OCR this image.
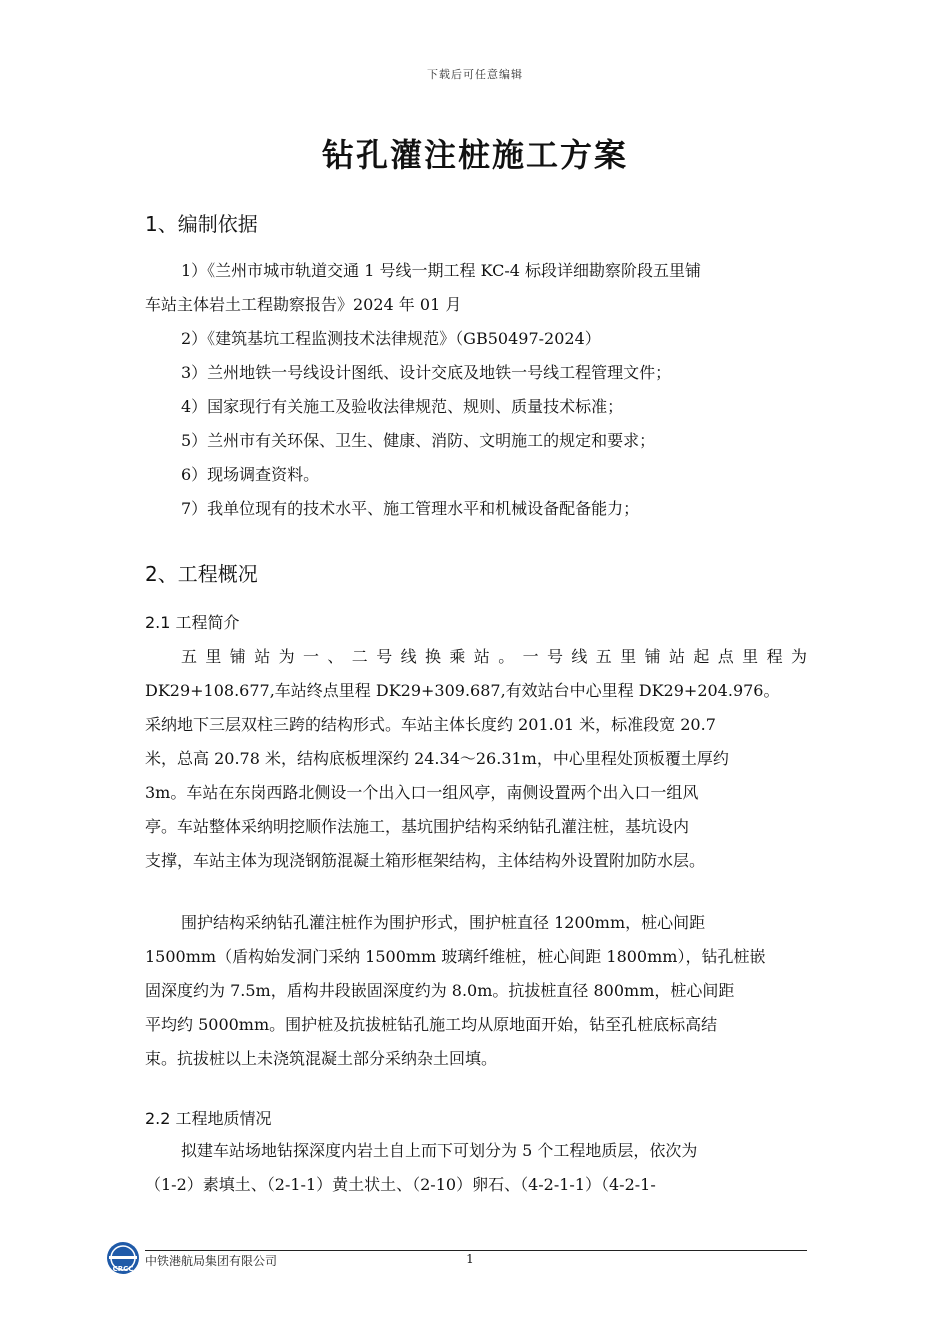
下载后可任意编辑
钻孔灌注桩施工方案
1、编制依据
1）《兰州市城市轨道交通 1 号线一期工程 KC-4 标段详细勘察阶段五里铺
车站主体岩土工程勘察报告》2024 年 01 月
2）《建筑基坑工程监测技术法律规范》（GB50497-2024）
3）兰州地铁一号线设计图纸、设计交底及地铁一号线工程管理文件；
4）国家现行有关施工及验收法律规范、规则、质量技术标准；
5）兰州市有关环保、卫生、健康、消防、文明施工的规定和要求；
6）现场调查资料。
7）我单位现有的技术水平、施工管理水平和机械设备配备能力；
2、工程概况
2.1 工程简介
五里铺站为一、二号线换乘站。一号线五里铺站起点里程为
DK29+108.677,车站终点里程 DK29+309.687,有效站台中心里程 DK29+204.976。
采纳地下三层双柱三跨的结构形式。车站主体长度约 201.01 米，标准段宽 20.7
米，总高 20.78 米，结构底板埋深约 24.34～26.31m，中心里程处顶板覆土厚约
3m。车站在东岗西路北侧设一个出入口一组风亭，南侧设置两个出入口一组风
亭。车站整体采纳明挖顺作法施工，基坑围护结构采纳钻孔灌注桩，基坑设内
支撑，车站主体为现浇钢筋混凝土箱形框架结构，主体结构外设置附加防水层。
围护结构采纳钻孔灌注桩作为围护形式，围护桩直径 1200mm，桩心间距
1500mm（盾构始发洞门采纳 1500mm 玻璃纤维桩，桩心间距 1800mm），钻孔桩嵌
固深度约为 7.5m，盾构井段嵌固深度约为 8.0m。抗拔桩直径 800mm，桩心间距
平均约 5000mm。围护桩及抗拔桩钻孔施工均从原地面开始，钻至孔桩底标高结
束。抗拔桩以上未浇筑混凝土部分采纳杂土回填。
2.2 工程地质情况
拟建车站场地钻探深度内岩土自上而下可划分为 5 个工程地质层，依次为
（1-2）素填土、（2-1-1）黄土状土、（2-10）卵石、（4-2-1-1）（4-2-1-
CRCC
中铁港航局集团有限公司	1
